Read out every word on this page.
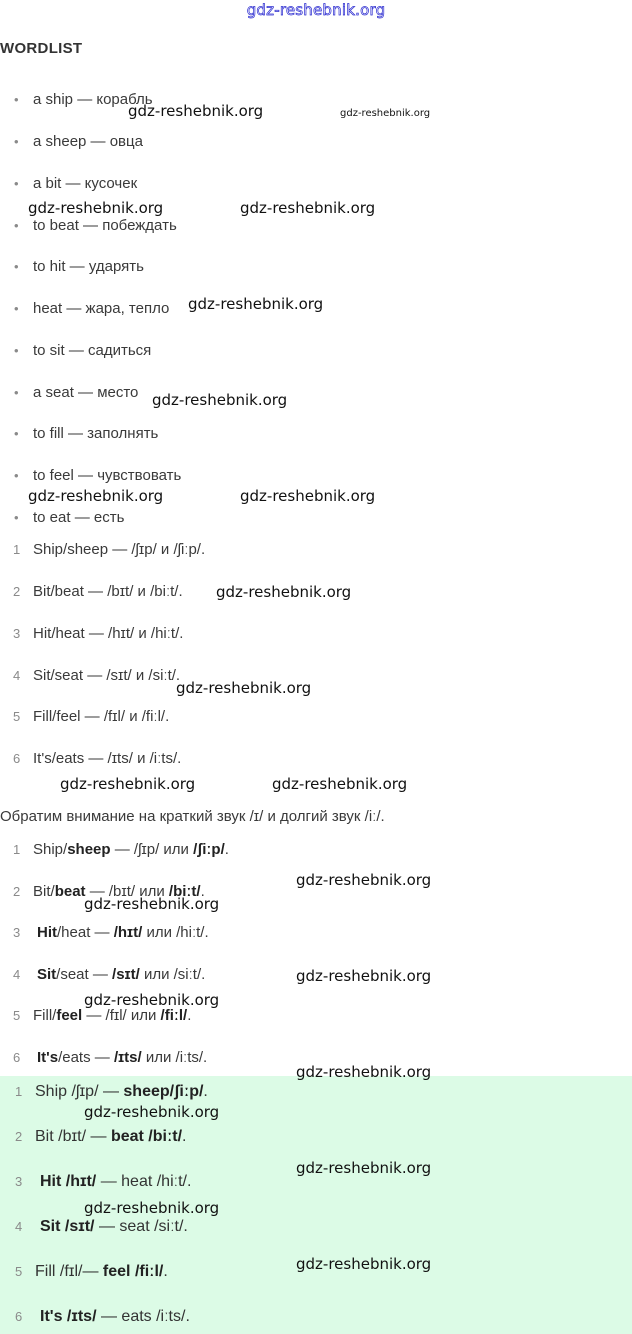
gdz-reshebnik.org
WORDLIST
• a ship — корабль
• a sheep — овца
• a bit — кусочек
• to beat — побеждать
• to hit — ударять
• heat — жара, тепло
• to sit — садиться
• a seat — место
• to fill — заполнять
• to feel — чувствовать
• to eat — есть
1 Ship/sheep — /ʃɪp/ и /ʃiːp/.
2 Bit/beat — /bɪt/ и /biːt/.
3 Hit/heat — /hɪt/ и /hiːt/.
4 Sit/seat — /sɪt/ и /siːt/.
5 Fill/feel — /fɪl/ и /fiːl/.
6 It's/eats — /ɪts/ и /iːts/.
Обратим внимание на краткий звук /ɪ/ и долгий звук /iː/.
1 Ship/sheep — /ʃɪp/ или /ʃiːp/.
2 Bit/beat — /bɪt/ или /biːt/.
3 Hit/heat — /hɪt/ или /hiːt/.
4 Sit/seat — /sɪt/ или /siːt/.
5 Fill/feel — /fɪl/ или /fiːl/.
6 It's/eats — /ɪts/ или /iːts/.
1 Ship /ʃɪp/ — sheep/ʃiːp/.
2 Bit /bɪt/ — beat /biːt/.
3 Hit /hɪt/ — heat /hiːt/.
4 Sit /sɪt/ — seat /siːt/.
5 Fill /fɪl/— feel /fiːl/.
6 It's /ɪts/ — eats /iːts/.
gdz-reshebnik.org	gdz-reshebnik.org
gdz-reshebnik.org	gdz-reshebnik.org
gdz-reshebnik.org
gdz-reshebnik.org
gdz-reshebnik.org	gdz-reshebnik.org
gdz-reshebnik.org
gdz-reshebnik.org
gdz-reshebnik.org	gdz-reshebnik.org
gdz-reshebnik.org
gdz-reshebnik.org
gdz-reshebnik.org
gdz-reshebnik.org
gdz-reshebnik.org
gdz-reshebnik.org
gdz-reshebnik.org
gdz-reshebnik.org
gdz-reshebnik.org
